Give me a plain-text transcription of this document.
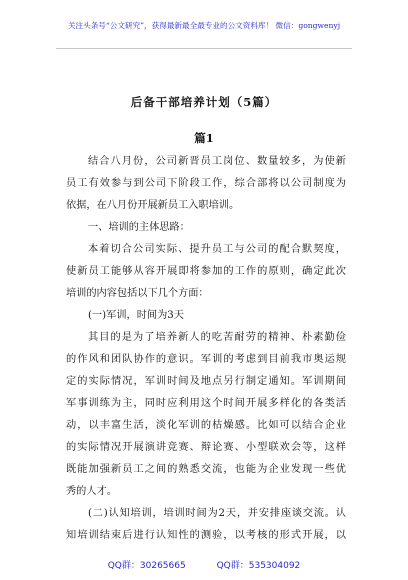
关注头条号“公文研究”，获得最新最全最专业的公文资料库！ 微信：gongwenyj
后备干部培养计划（5篇）
篇1
结合八月份，公司新晋员工岗位、数量较多，为使新
员工有效参与到公司下阶段工作，综合部将以公司制度为
依据，在八月份开展新员工入职培训。
一、培训的主体思路：
本着切合公司实际、提升员工与公司的配合默契度，
使新员工能够从容开展即将参加的工作的原则，确定此次
培训的内容包括以下几个方面：
(一)军训，时间为3天
其目的是为了培养新人的吃苦耐劳的精神、朴素勤俭
的作风和团队协作的意识。军训的考虑到目前我市奥运规
定的实际情况，军训时间及地点另行制定通知。军训期间
军事训练为主，同时应利用这个时间开展多样化的各类活
动，以丰富生活，淡化军训的枯燥感。比如可以结合企业
的实际情况开展演讲竞赛、辩论赛、小型联欢会等，这样
既能加强新员工之间的熟悉交流，也能为企业发现一些优
秀的人才。
(二)认知培训，培训时间为2天，并安排座谈交流。认
知培训结束后进行认知性的测验，以考核的形式开展，以
QQ群：30265665	QQ群：535304092
